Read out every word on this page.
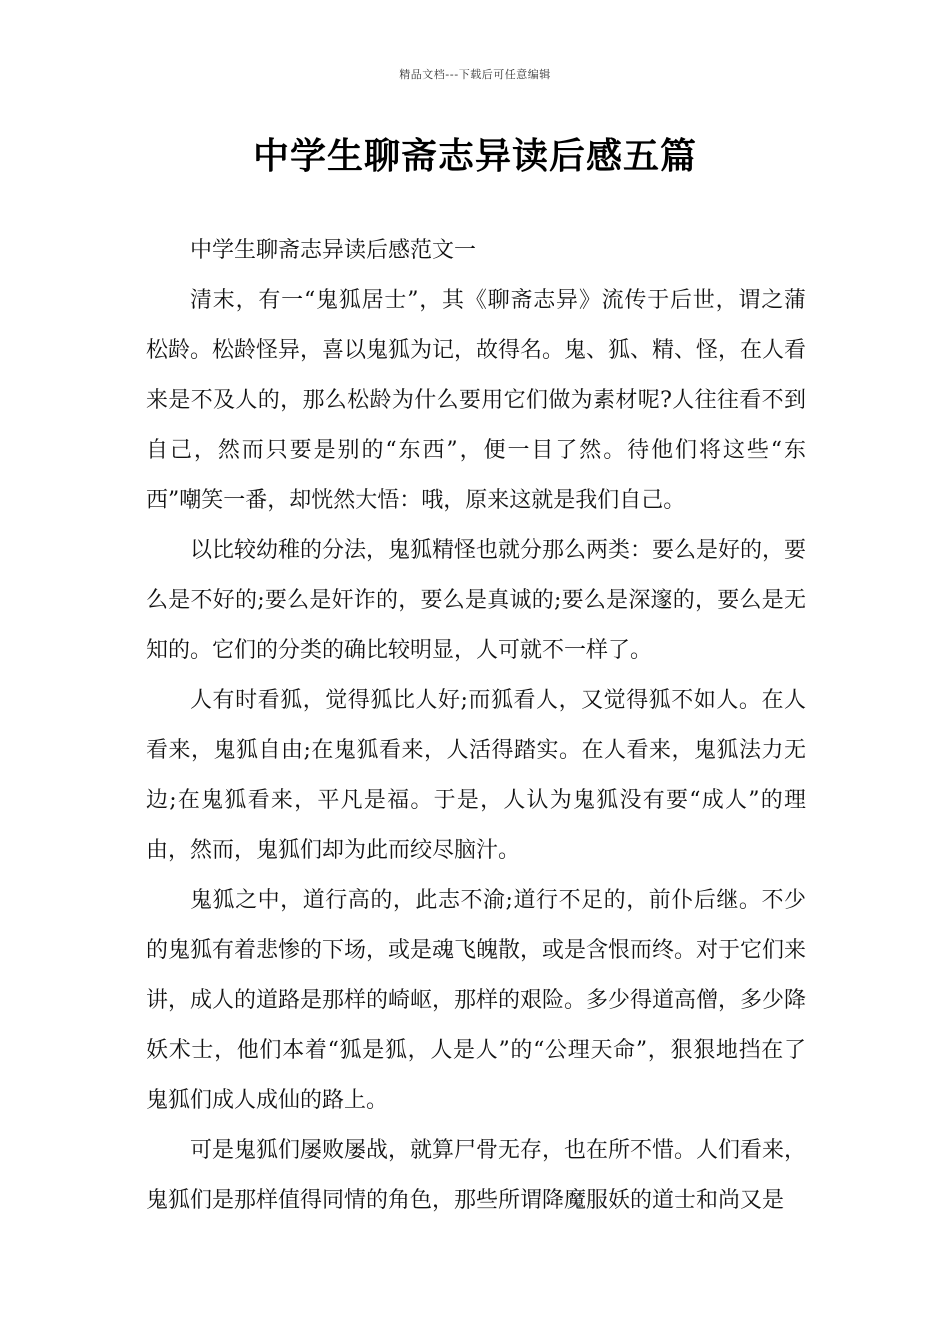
精品文档---下载后可任意编辑
中学生聊斋志异读后感五篇

中学生聊斋志异读后感范文一

清末，有一“鬼狐居士”，其《聊斋志异》流传于后世，谓之蒲松龄。松龄怪异，喜以鬼狐为记，故得名。鬼、狐、精、怪，在人看来是不及人的，那么松龄为什么要用它们做为素材呢?人往往看不到自己，然而只要是别的“东西”，便一目了然。待他们将这些“东西”嘲笑一番，却恍然大悟：哦，原来这就是我们自己。

以比较幼稚的分法，鬼狐精怪也就分那么两类：要么是好的，要么是不好的;要么是奸诈的，要么是真诚的;要么是深邃的，要么是无知的。它们的分类的确比较明显，人可就不一样了。

人有时看狐，觉得狐比人好;而狐看人，又觉得狐不如人。在人看来，鬼狐自由;在鬼狐看来，人活得踏实。在人看来，鬼狐法力无边;在鬼狐看来，平凡是福。于是，人认为鬼狐没有要“成人”的理由，然而，鬼狐们却为此而绞尽脑汁。

鬼狐之中，道行高的，此志不渝;道行不足的，前仆后继。不少的鬼狐有着悲惨的下场，或是魂飞魄散，或是含恨而终。对于它们来讲，成人的道路是那样的崎岖，那样的艰险。多少得道高僧，多少降妖术士，他们本着“狐是狐，人是人”的“公理天命”，狠狠地挡在了鬼狐们成人成仙的路上。

可是鬼狐们屡败屡战，就算尸骨无存，也在所不惜。人们看来，鬼狐们是那样值得同情的角色，那些所谓降魔服妖的道士和尚又是
